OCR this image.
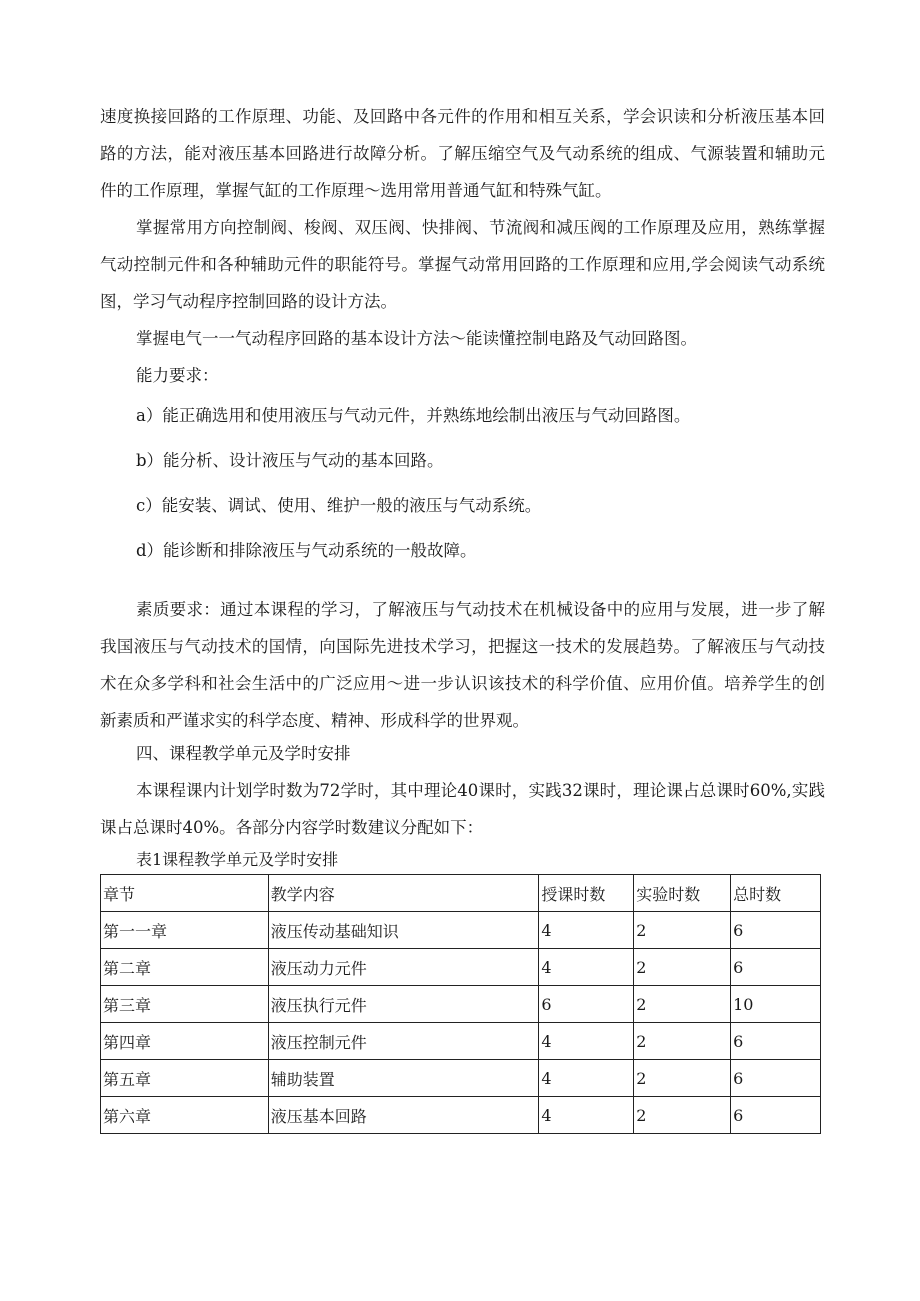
速度换接回路的工作原理、功能、及回路中各元件的作用和相互关系，学会识读和分析液压基本回路的方法，能对液压基本回路进行故障分析。了解压缩空气及气动系统的组成、气源装置和辅助元件的工作原理，掌握气缸的工作原理～选用常用普通气缸和特殊气缸。

掌握常用方向控制阀、梭阀、双压阀、快排阀、节流阀和减压阀的工作原理及应用，熟练掌握气动控制元件和各种辅助元件的职能符号。掌握气动常用回路的工作原理和应用,学会阅读气动系统图，学习气动程序控制回路的设计方法。

掌握电气一一气动程序回路的基本设计方法～能读懂控制电路及气动回路图。

能力要求：

a）能正确选用和使用液压与气动元件，并熟练地绘制出液压与气动回路图。

b）能分析、设计液压与气动的基本回路。

c）能安装、调试、使用、维护一般的液压与气动系统。

d）能诊断和排除液压与气动系统的一般故障。

素质要求：通过本课程的学习，了解液压与气动技术在机械设备中的应用与发展，进一步了解我国液压与气动技术的国情，向国际先进技术学习，把握这一技术的发展趋势。了解液压与气动技术在众多学科和社会生活中的广泛应用～进一步认识该技术的科学价值、应用价值。培养学生的创新素质和严谨求实的科学态度、精神、形成科学的世界观。

四、课程教学单元及学时安排

本课程课内计划学时数为72学时，其中理论40课时，实践32课时，理论课占总课时60%,实践课占总课时40%。各部分内容学时数建议分配如下：

表1课程教学单元及学时安排

章节	教学内容	授课时数	实验时数	总时数
第一一章	液压传动基础知识	4	2	6
第二章	液压动力元件	4	2	6
第三章	液压执行元件	6	2	10
第四章	液压控制元件	4	2	6
第五章	辅助装置	4	2	6
第六章	液压基本回路	4	2	6
